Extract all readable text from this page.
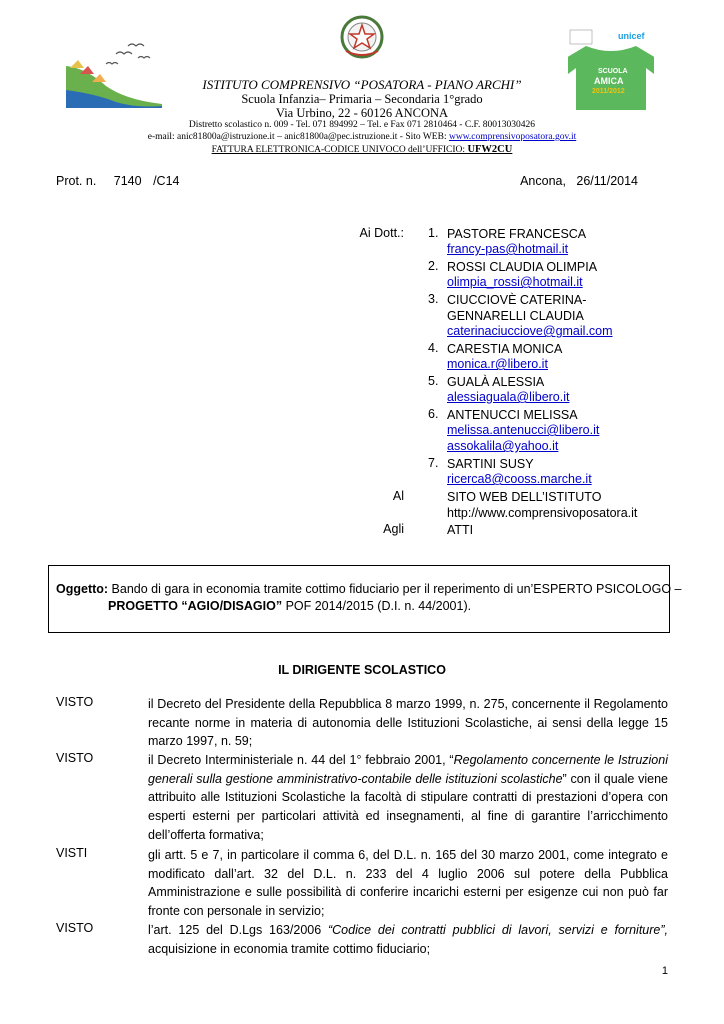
unicef
SCUOLA
AMICA
2011/2012
ISTITUTO COMPRENSIVO “POSATORA - PIANO ARCHI”
Scuola Infanzia– Primaria – Secondaria 1°grado
Via Urbino, 22 - 60126 ANCONA
Distretto scolastico n. 009 - Tel. 071 894992 – Tel. e Fax 071 2810464 - C.F. 80013030426
e-mail: anic81800a@istruzione.it – anic81800a@pec.istruzione.it - Sito WEB: www.comprensivoposatora.gov.it
FATTURA ELETTRONICA-CODICE UNIVOCO dell’UFFICIO: UFW2CU
Prot. n. 7140 /C14	Ancona,   26/11/2014
Ai Dott.: 1. PASTORE FRANCESCA
francy-pas@hotmail.it
2. ROSSI CLAUDIA OLIMPIA
olimpia_rossi@hotmail.it
3. CIUCCIOVÈ CATERINA-
GENNARELLI CLAUDIA
caterinaciucciove@gmail.com
4. CARESTIA MONICA
monica.r@libero.it
5. GUALÀ ALESSIA
alessiaguala@libero.it
6. ANTENUCCI MELISSA
melissa.antenucci@libero.it
assokalila@yahoo.it
7. SARTINI SUSY
ricerca8@cooss.marche.it
Al	SITO WEB DELL’ISTITUTO
http://www.comprensivoposatora.it
Agli	ATTI
Oggetto: Bando di gara in economia tramite cottimo fiduciario per il reperimento di un’ESPERTO PSICOLOGO –
PROGETTO “AGIO/DISAGIO” POF 2014/2015 (D.I. n. 44/2001).
IL DIRIGENTE SCOLASTICO
VISTO	il Decreto del Presidente della Repubblica 8 marzo 1999, n. 275, concernente il Regolamento recante norme in materia di autonomia delle Istituzioni Scolastiche, ai sensi della legge 15 marzo 1997, n. 59;
VISTO	il Decreto Interministeriale n. 44 del 1° febbraio 2001, “Regolamento concernente le Istruzioni generali sulla gestione amministrativo-contabile delle istituzioni scolastiche” con il quale viene attribuito alle Istituzioni Scolastiche la facoltà di stipulare contratti di prestazioni d’opera con esperti esterni per particolari attività ed insegnamenti, al fine di garantire l’arricchimento dell’offerta formativa;
VISTI	gli artt. 5 e 7, in particolare il comma 6, del D.L. n. 165 del 30 marzo 2001, come integrato e modificato dall’art. 32 del D.L. n. 233 del 4 luglio 2006 sul potere della Pubblica Amministrazione e sulle possibilità di conferire incarichi esterni per esigenze cui non può far fronte con personale in servizio;
VISTO	l’art. 125 del D.Lgs 163/2006 “Codice dei contratti pubblici di lavori, servizi e forniture”, acquisizione in economia tramite cottimo fiduciario;
1
